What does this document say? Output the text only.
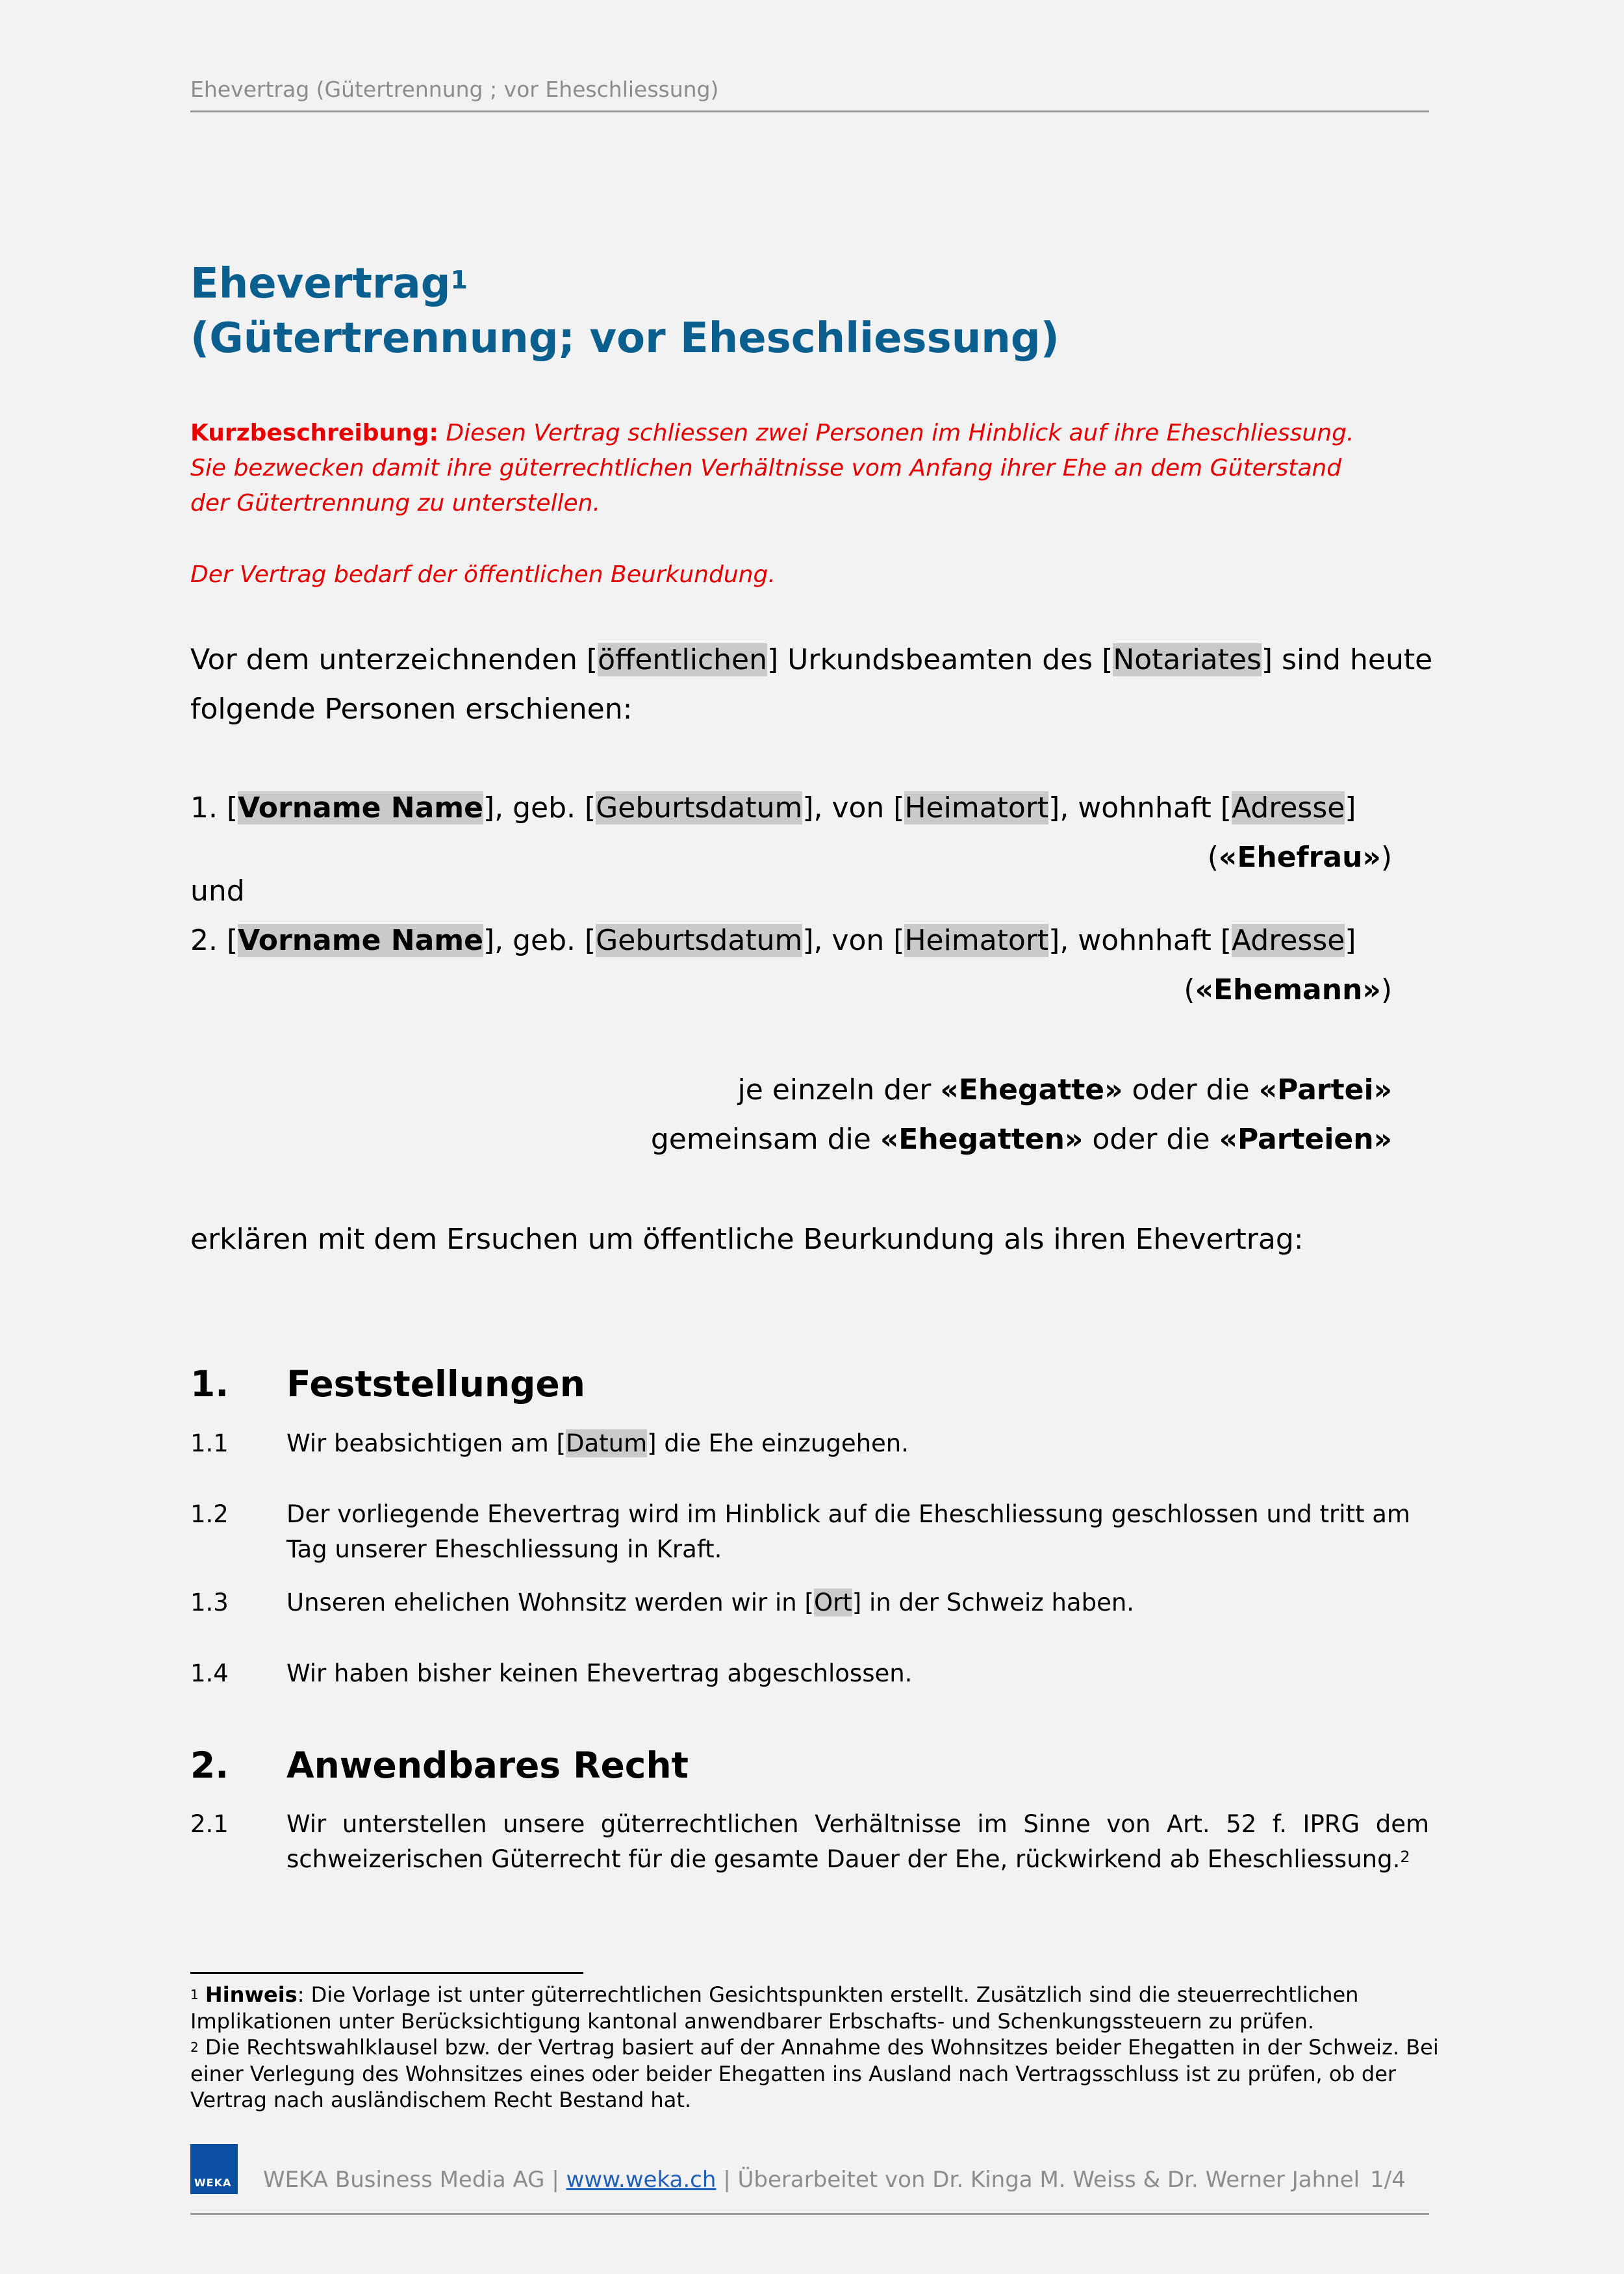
Ehevertrag (Gütertrennung ; vor Eheschliessung)
Ehevertrag$^1$
(Gütertrennung; vor Eheschliessung)
Kurzbeschreibung: Diesen Vertrag schliessen zwei Personen im Hinblick auf ihre Eheschliessung.
Sie bezwecken damit ihre güterrechtlichen Verhältnisse vom Anfang ihrer Ehe an dem Güterstand
der Gütertrennung zu unterstellen.
Der Vertrag bedarf der öffentlichen Beurkundung.
Vor dem unterzeichnenden [öffentlichen] Urkundsbeamten des [Notariates] sind heute
folgende Personen erschienen:
1. [Vorname Name], geb. [Geburtsdatum], von [Heimatort], wohnhaft [Adresse]
(«Ehefrau»)
und
2. [Vorname Name], geb. [Geburtsdatum], von [Heimatort], wohnhaft [Adresse]
(«Ehemann»)
je einzeln der «Ehegatte» oder die «Partei»
gemeinsam die «Ehegatten» oder die «Parteien»
erklären mit dem Ersuchen um öffentliche Beurkundung als ihren Ehevertrag:
1. Feststellungen
1.1 Wir beabsichtigen am [Datum] die Ehe einzugehen.
1.2 Der vorliegende Ehevertrag wird im Hinblick auf die Eheschliessung geschlossen und tritt am Tag unserer Eheschliessung in Kraft.
1.3 Unseren ehelichen Wohnsitz werden wir in [Ort] in der Schweiz haben.
1.4 Wir haben bisher keinen Ehevertrag abgeschlossen.
2. Anwendbares Recht
2.1 Wir unterstellen unsere güterrechtlichen Verhältnisse im Sinne von Art. 52 f. IPRG dem
schweizerischen Güterrecht für die gesamte Dauer der Ehe, rückwirkend ab Eheschliessung.$^2$
$^1$ Hinweis: Die Vorlage ist unter güterrechtlichen Gesichtspunkten erstellt. Zusätzlich sind die steuerrechtlichen Implikationen unter Berücksichtigung kantonal anwendbarer Erbschafts- und Schenkungssteuern zu prüfen.
$^2$ Die Rechtswahlklausel bzw. der Vertrag basiert auf der Annahme des Wohnsitzes beider Ehegatten in der Schweiz. Bei einer Verlegung des Wohnsitzes eines oder beider Ehegatten ins Ausland nach Vertragsschluss ist zu prüfen, ob der Vertrag nach ausländischem Recht Bestand hat.
WEKA WEKA Business Media AG | www.weka.ch | Überarbeitet von Dr. Kinga M. Weiss & Dr. Werner Jahnel 1/4
